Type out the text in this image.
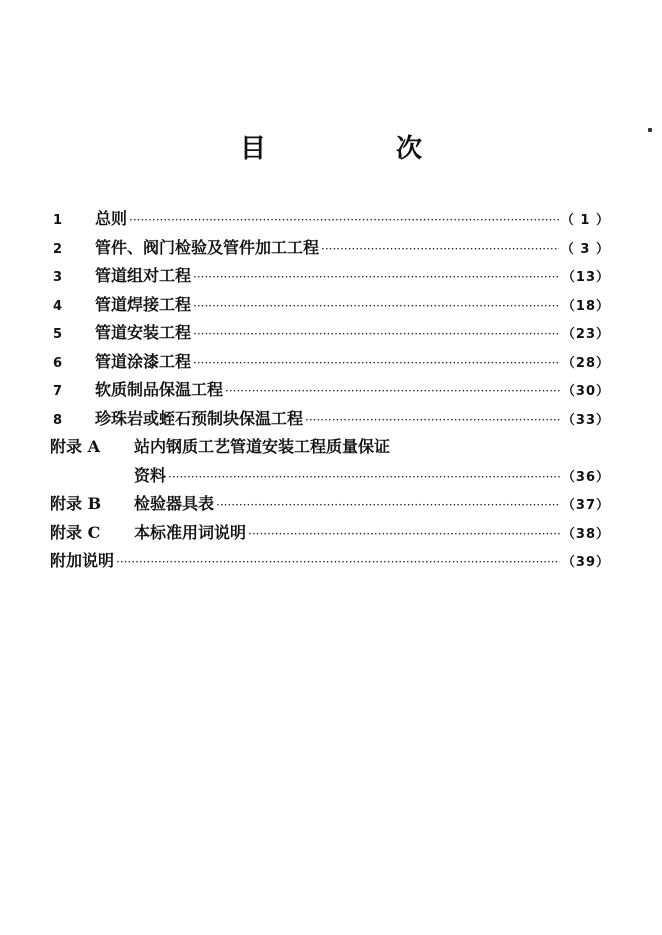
目　次
1	总则 ·····	（ 1 ）
2	管件、阀门检验及管件加工工程 ·····	（ 3 ）
3	管道组对工程 ·····	（13）
4	管道焊接工程 ·····	（18）
5	管道安装工程 ·····	（23）
6	管道涂漆工程 ·····	（28）
7	软质制品保温工程 ·····	（30）
8	珍珠岩或蛭石预制块保温工程 ·····	（33）
附录 A	站内钢质工艺管道安装工程质量保证
资料 ·····	（36）
附录 B	检验器具表 ·····	（37）
附录 C	本标准用词说明 ·····	（38）
附加说明 ·····	（39）
